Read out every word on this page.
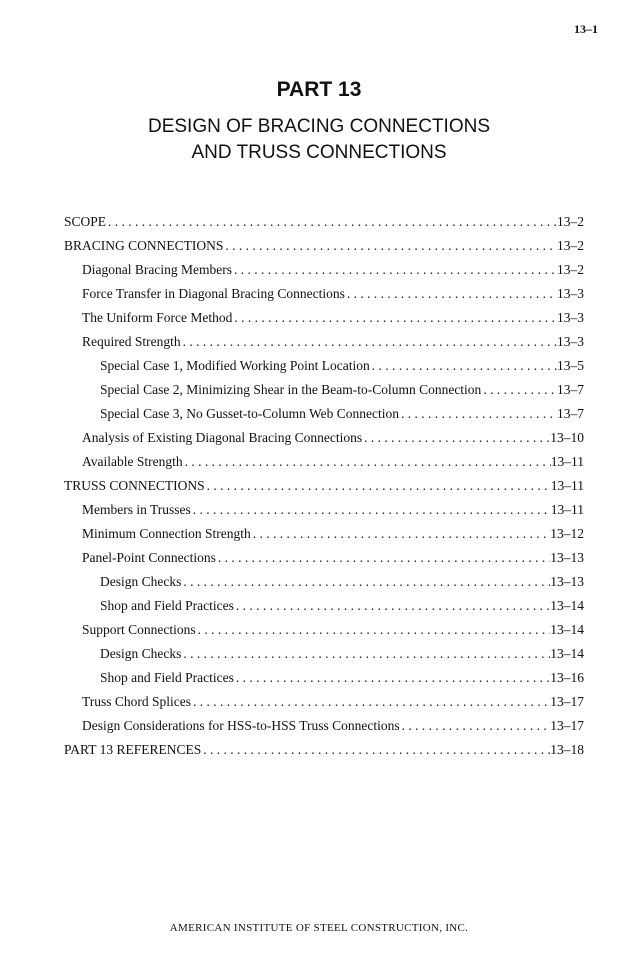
13–1
PART 13
DESIGN OF BRACING CONNECTIONS
AND TRUSS CONNECTIONS
SCOPE . . .	13–2
BRACING CONNECTIONS . . .	13–2
Diagonal Bracing Members . . .	13–2
Force Transfer in Diagonal Bracing Connections . . .	13–3
The Uniform Force Method . . .	13–3
Required Strength . . .	13–3
Special Case 1, Modified Working Point Location . . .	13–5
Special Case 2, Minimizing Shear in the Beam-to-Column Connection . . .	13–7
Special Case 3, No Gusset-to-Column Web Connection . . .	13–7
Analysis of Existing Diagonal Bracing Connections . . .	13–10
Available Strength . . .	13–11
TRUSS CONNECTIONS . . .	13–11
Members in Trusses . . .	13–11
Minimum Connection Strength . . .	13–12
Panel-Point Connections . . .	13–13
Design Checks . . .	13–13
Shop and Field Practices . . .	13–14
Support Connections . . .	13–14
Design Checks . . .	13–14
Shop and Field Practices . . .	13–16
Truss Chord Splices . . .	13–17
Design Considerations for HSS-to-HSS Truss Connections . . .	13–17
PART 13 REFERENCES . . .	13–18
AMERICAN INSTITUTE OF STEEL CONSTRUCTION, INC.
